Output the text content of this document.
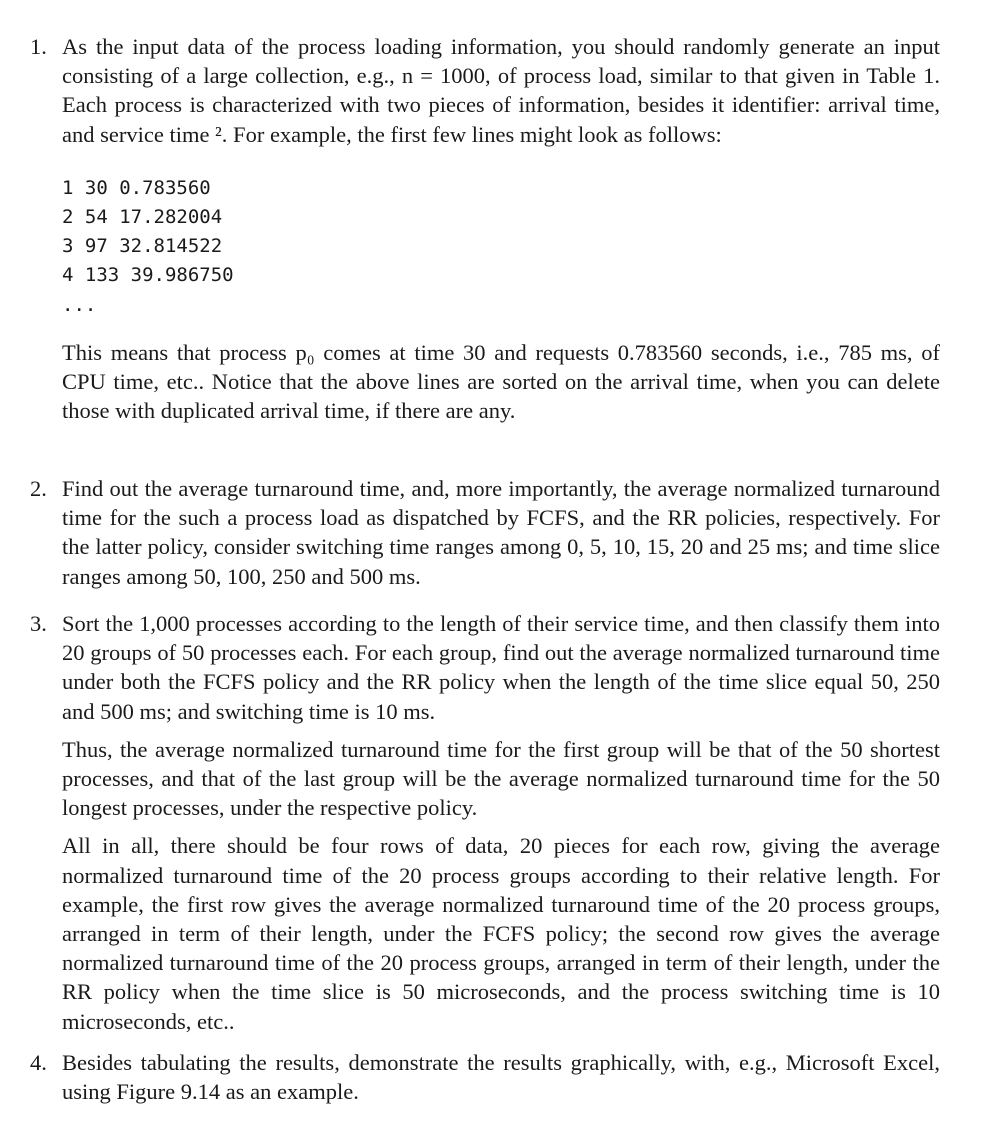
1. As the input data of the process loading information, you should randomly generate an input consisting of a large collection, e.g., n = 1000, of process load, similar to that given in Table 1. Each process is characterized with two pieces of information, besides it identifier: arrival time, and service time ². For example, the first few lines might look as follows:

1 30 0.783560
2 54 17.282004
3 97 32.814522
4 133 39.986750
...

This means that process p₀ comes at time 30 and requests 0.783560 seconds, i.e., 785 ms, of CPU time, etc.. Notice that the above lines are sorted on the arrival time, when you can delete those with duplicated arrival time, if there are any.

2. Find out the average turnaround time, and, more importantly, the average normalized turnaround time for the such a process load as dispatched by FCFS, and the RR policies, respectively. For the latter policy, consider switching time ranges among 0, 5, 10, 15, 20 and 25 ms; and time slice ranges among 50, 100, 250 and 500 ms.

3. Sort the 1,000 processes according to the length of their service time, and then classify them into 20 groups of 50 processes each. For each group, find out the average normalized turnaround time under both the FCFS policy and the RR policy when the length of the time slice equal 50, 250 and 500 ms; and switching time is 10 ms.

Thus, the average normalized turnaround time for the first group will be that of the 50 shortest processes, and that of the last group will be the average normalized turnaround time for the 50 longest processes, under the respective policy.

All in all, there should be four rows of data, 20 pieces for each row, giving the average normalized turnaround time of the 20 process groups according to their relative length. For example, the first row gives the average normalized turnaround time of the 20 process groups, arranged in term of their length, under the FCFS policy; the second row gives the average normalized turnaround time of the 20 process groups, arranged in term of their length, under the RR policy when the time slice is 50 microseconds, and the process switching time is 10 microseconds, etc..

4. Besides tabulating the results, demonstrate the results graphically, with, e.g., Microsoft Excel, using Figure 9.14 as an example.
